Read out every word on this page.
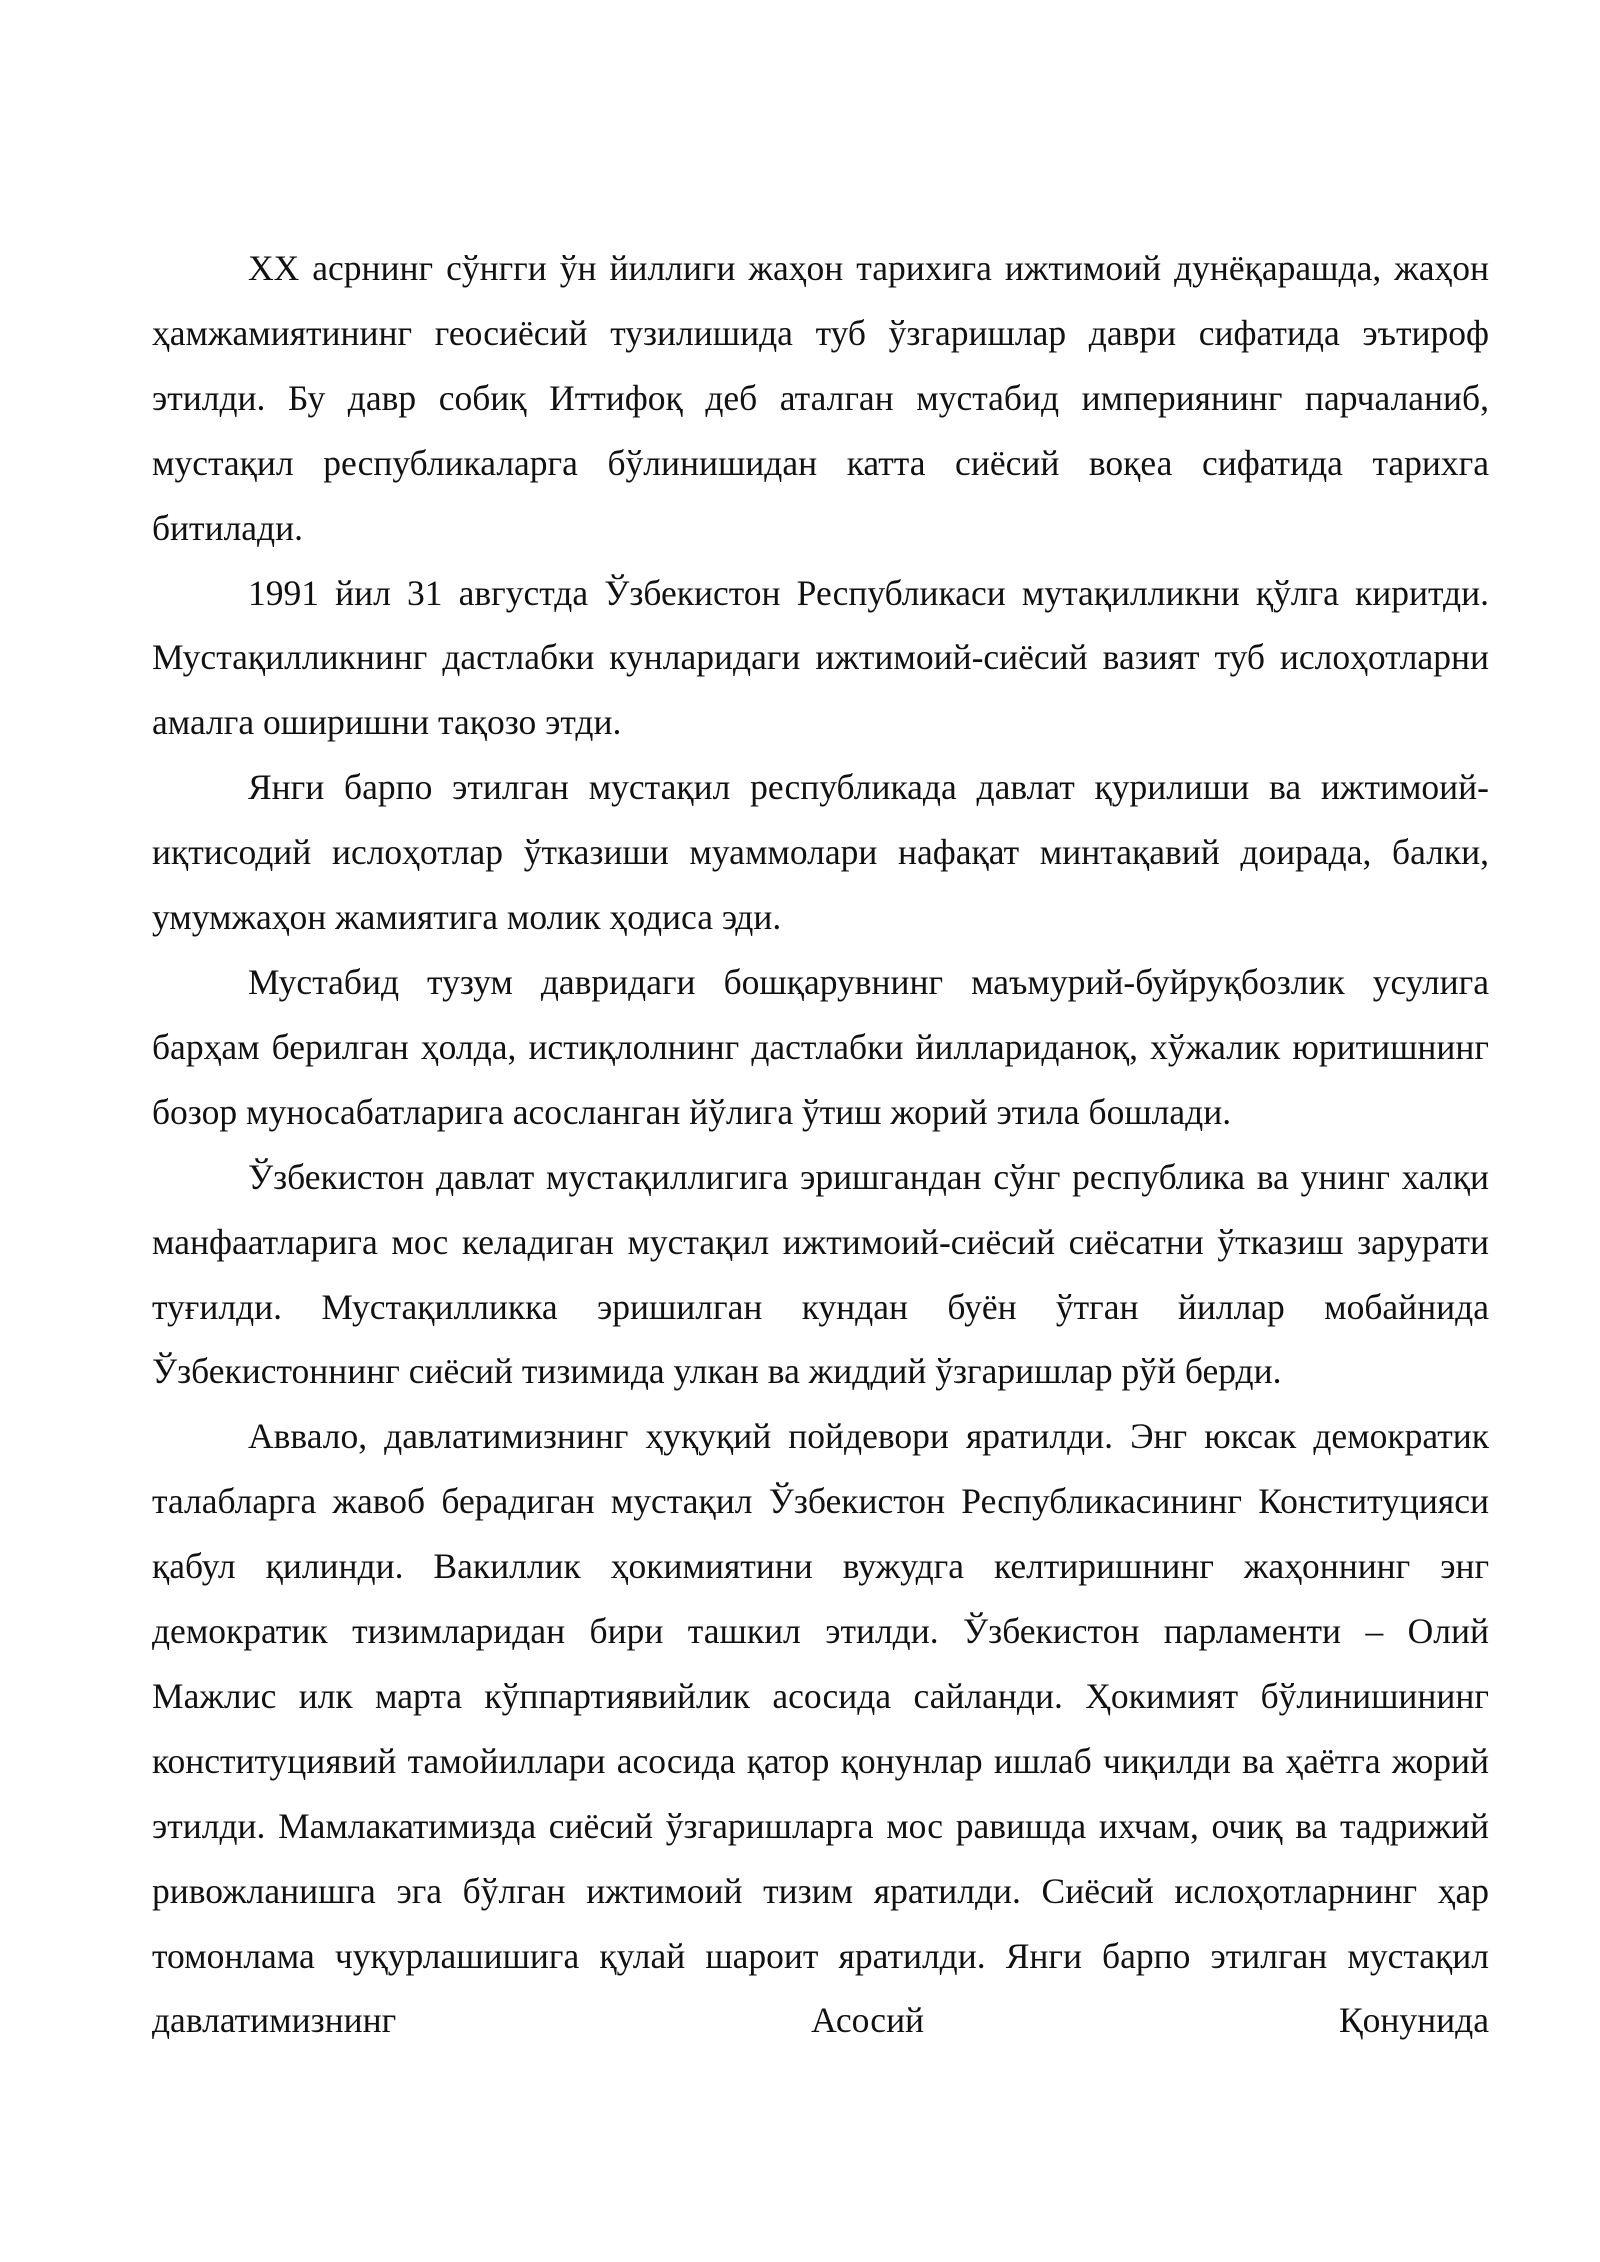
XX асрнинг сўнгги ўн йиллиги жаҳон тарихига ижтимоий дунёқарашда, жаҳон ҳамжамиятининг геосиёсий тузилишида туб ўзгаришлар даври сифатида эътироф этилди. Бу давр собиқ Иттифоқ деб аталган мустабид империянинг парчаланиб, мустақил республикаларга бўлинишидан катта сиёсий воқеа сифатида тарихга битилади.

1991 йил 31 августда Ўзбекистон Республикаси мутақилликни қўлга киритди. Мустақилликнинг дастлабки кунларидаги ижтимоий-сиёсий вазият туб ислоҳотларни амалга оширишни тақозо этди.

Янги барпо этилган мустақил республикада давлат қурилиши ва ижтимоий-иқтисодий ислоҳотлар ўтказиши муаммолари нафақат минтақавий доирада, балки, умумжаҳон жамиятига молик ҳодиса эди.

Мустабид тузум давридаги бошқарувнинг маъмурий-буйруқбозлик усулига барҳам берилган ҳолда, истиқлолнинг дастлабки йиллариданоқ, хўжалик юритишнинг бозор муносабатларига асосланган йўлига ўтиш жорий этила бошлади.

Ўзбекистон давлат мустақиллигига эришгандан сўнг республика ва унинг халқи манфаатларига мос келадиган мустақил ижтимоий-сиёсий сиёсатни ўтказиш зарурати туғилди. Мустақилликка эришилган кундан буён ўтган йиллар мобайнида Ўзбекистоннинг сиёсий тизимида улкан ва жиддий ўзгаришлар рўй берди.

Аввало, давлатимизнинг ҳуқуқий пойдевори яратилди. Энг юксак демократик талабларга жавоб берадиган мустақил Ўзбекистон Республикасининг Конституцияси қабул қилинди. Вакиллик ҳокимиятини вужудга келтиришнинг жаҳоннинг энг демократик тизимларидан бири ташкил этилди. Ўзбекистон парламенти – Олий Мажлис илк марта кўппартиявийлик асосида сайланди. Ҳокимият бўлинишининг конституциявий тамойиллари асосида қатор қонунлар ишлаб чиқилди ва ҳаётга жорий этилди. Мамлакатимизда сиёсий ўзгаришларга мос равишда ихчам, очиқ ва тадрижий ривожланишга эга бўлган ижтимоий тизим яратилди. Сиёсий ислоҳотларнинг ҳар томонлама чуқурлашишига қулай шароит яратилди. Янги барпо этилган мустақил давлатимизнинг Асосий Қонунида
